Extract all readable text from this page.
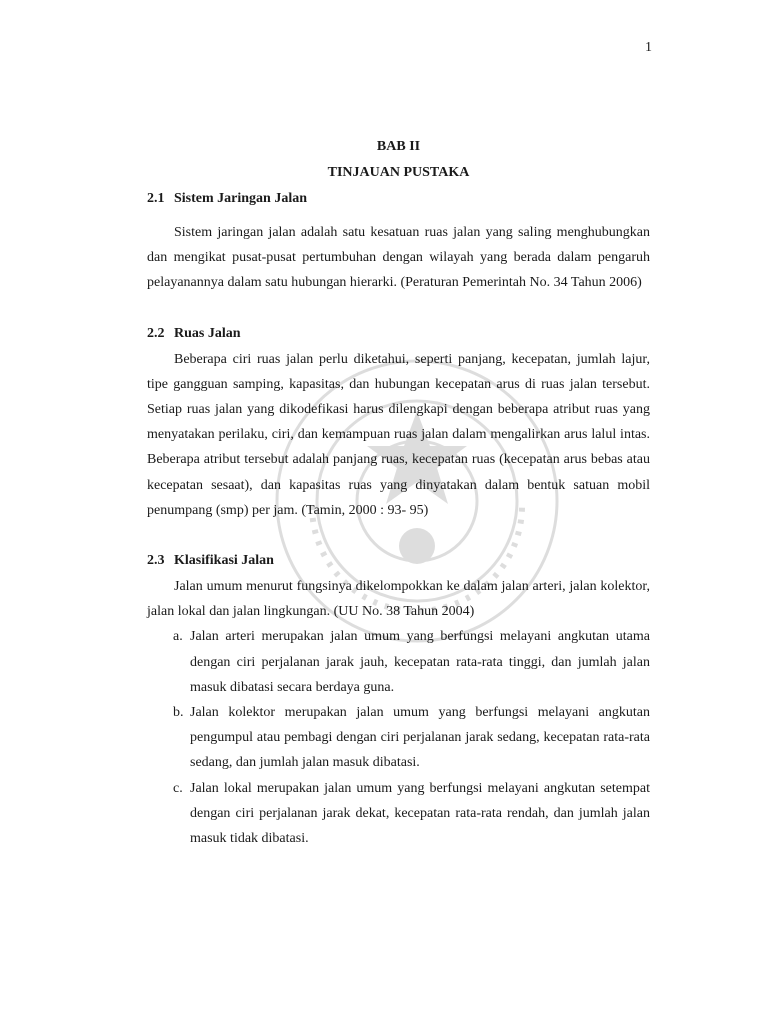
1
BAB II
TINJAUAN PUSTAKA
2.1 Sistem Jaringan Jalan

Sistem jaringan jalan adalah satu kesatuan ruas jalan yang saling menghubungkan dan mengikat pusat-pusat pertumbuhan dengan wilayah yang berada dalam pengaruh pelayanannya dalam satu hubungan hierarki. (Peraturan Pemerintah No. 34 Tahun 2006)

2.2 Ruas Jalan

Beberapa ciri ruas jalan perlu diketahui, seperti panjang, kecepatan, jumlah lajur, tipe gangguan samping, kapasitas, dan hubungan kecepatan arus di ruas jalan tersebut. Setiap ruas jalan yang dikodefikasi harus dilengkapi dengan beberapa atribut ruas yang menyatakan perilaku, ciri, dan kemampuan ruas jalan dalam mengalirkan arus lalul intas. Beberapa atribut tersebut adalah panjang ruas, kecepatan ruas (kecepatan arus bebas atau kecepatan sesaat), dan kapasitas ruas yang dinyatakan dalam bentuk satuan mobil penumpang (smp) per jam. (Tamin, 2000 : 93- 95)

2.3 Klasifikasi Jalan

Jalan umum menurut fungsinya dikelompokkan ke dalam jalan arteri, jalan kolektor, jalan lokal dan jalan lingkungan. (UU No. 38 Tahun 2004)

a. Jalan arteri merupakan jalan umum yang berfungsi melayani angkutan utama dengan ciri perjalanan jarak jauh, kecepatan rata-rata tinggi, dan jumlah jalan masuk dibatasi secara berdaya guna.
b. Jalan kolektor merupakan jalan umum yang berfungsi melayani angkutan pengumpul atau pembagi dengan ciri perjalanan jarak sedang, kecepatan rata-rata sedang, dan jumlah jalan masuk dibatasi.
c. Jalan lokal merupakan jalan umum yang berfungsi melayani angkutan setempat dengan ciri perjalanan jarak dekat, kecepatan rata-rata rendah, dan jumlah jalan masuk tidak dibatasi.
